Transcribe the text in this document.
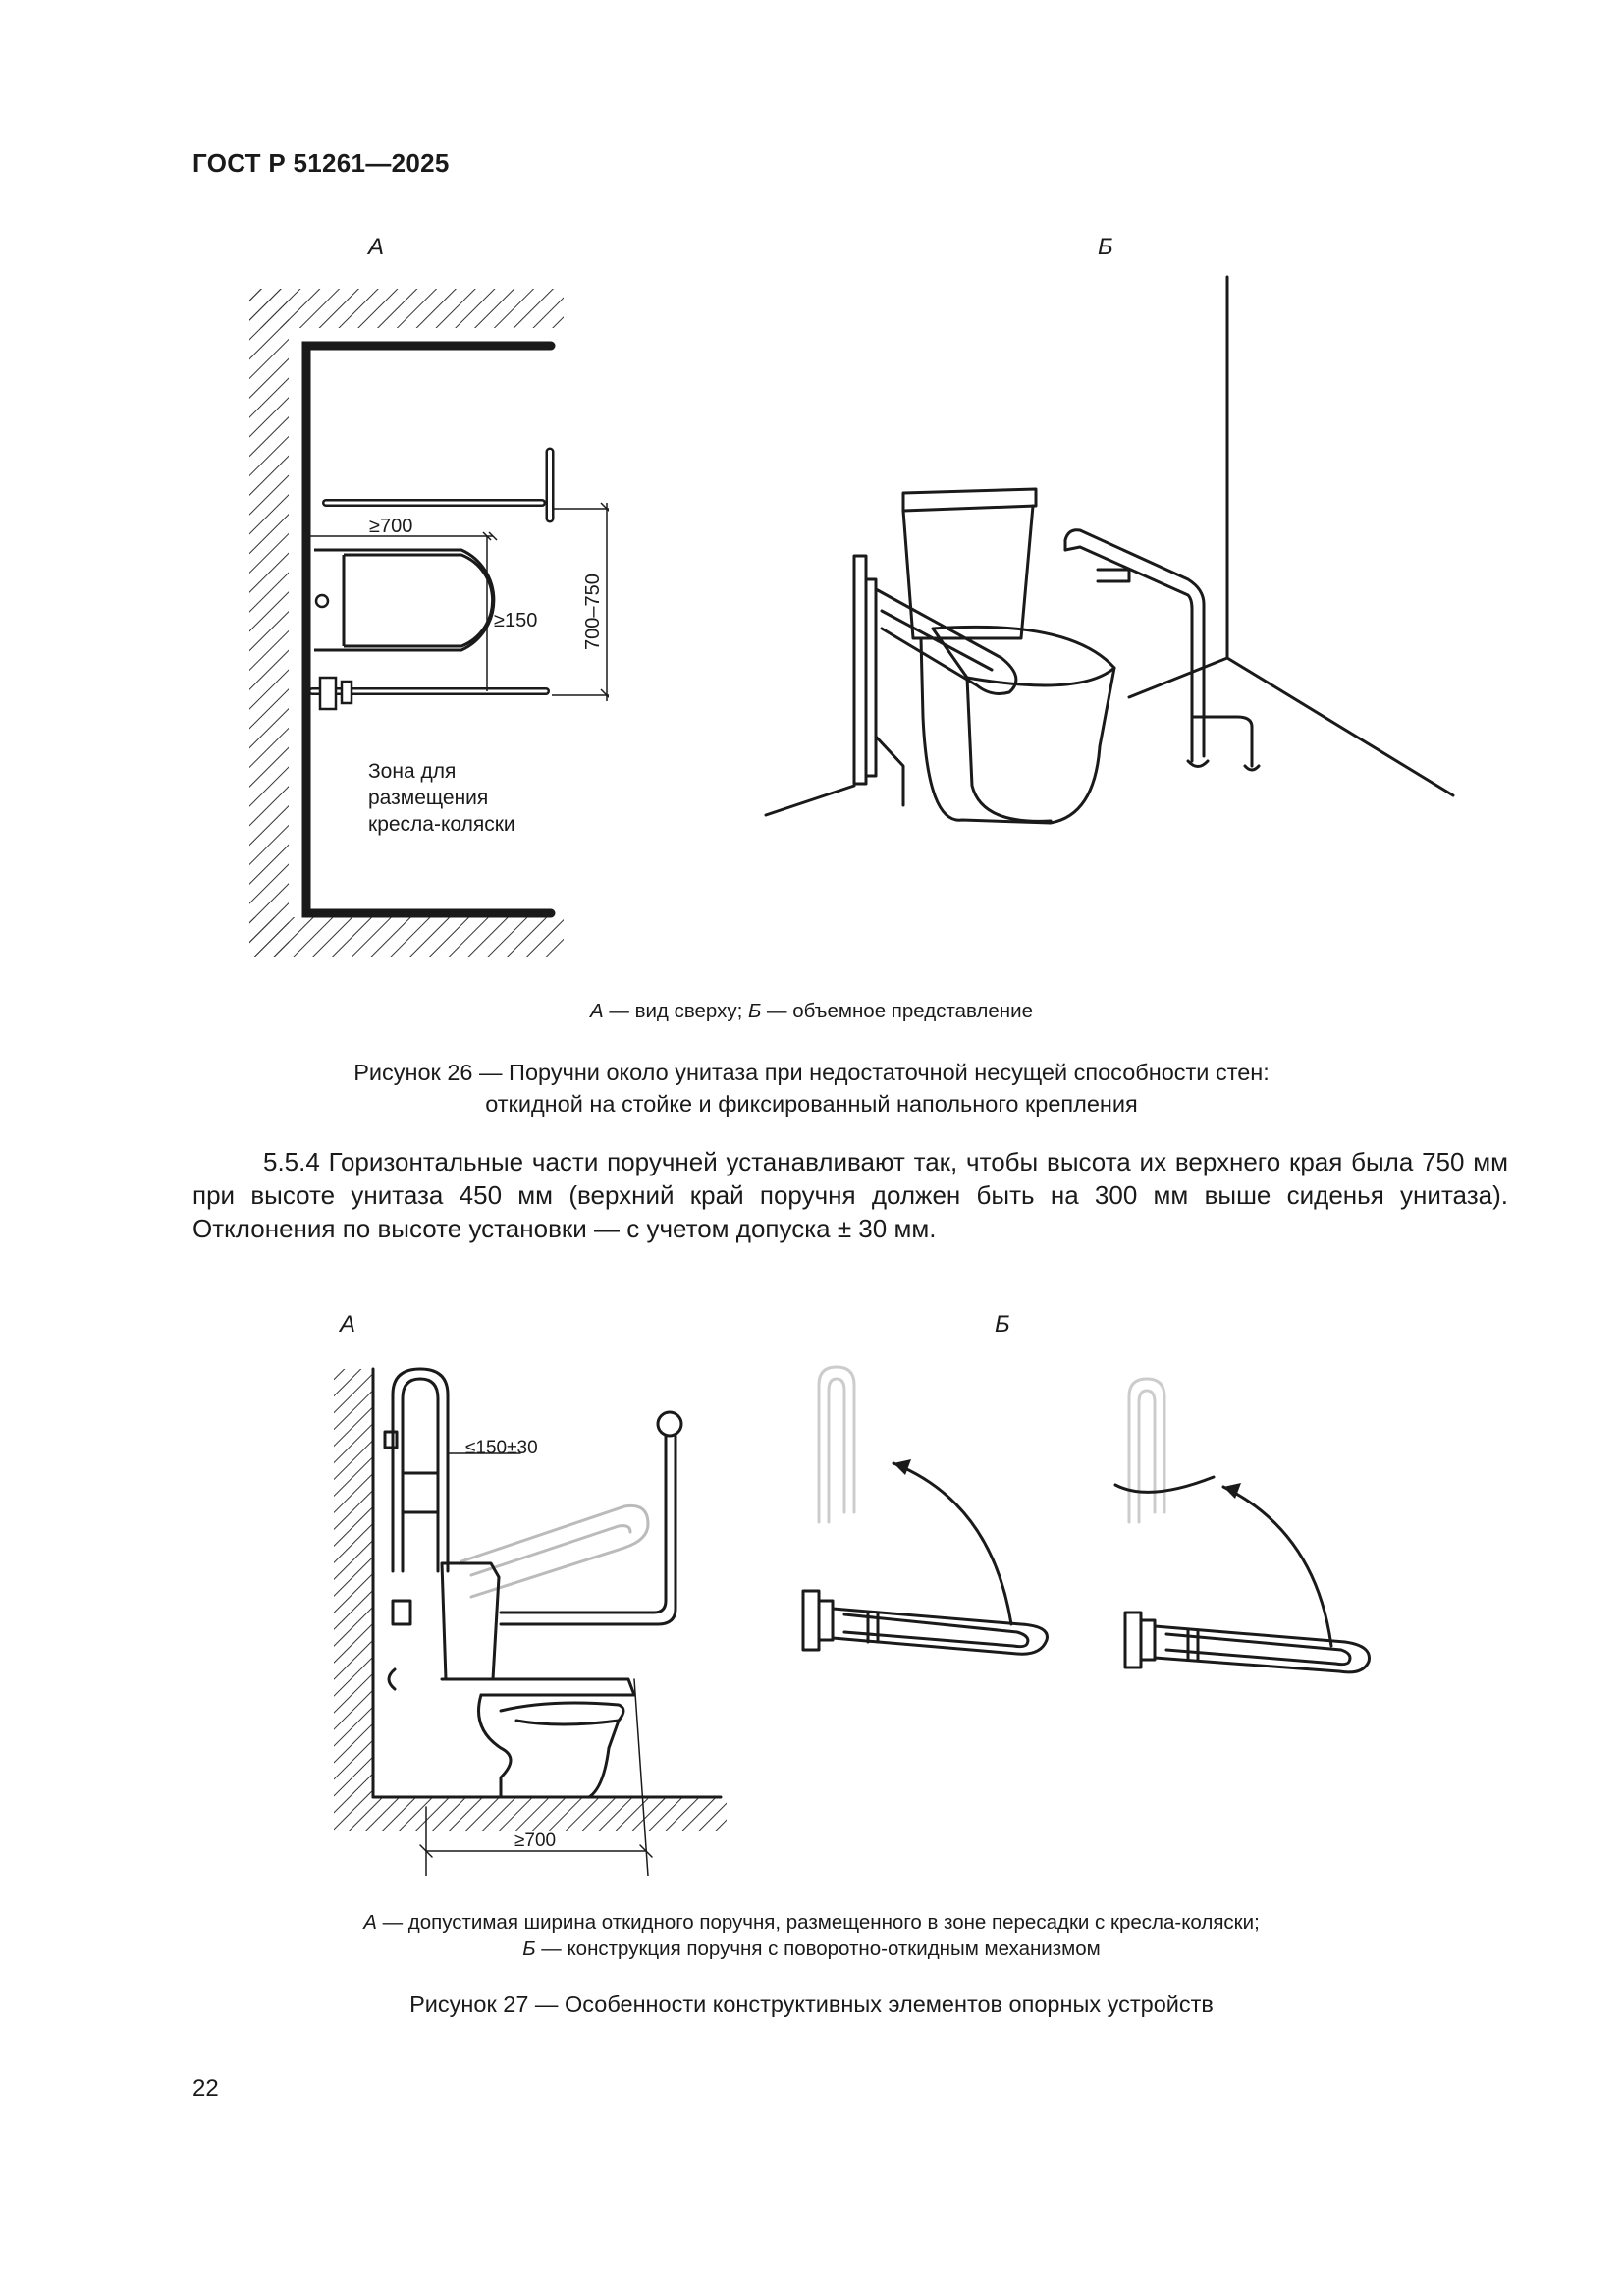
ГОСТ Р 51261—2025
А	Б
≥700
≥150 700–750
Зона для
размещения
кресла-коляски
А — вид сверху; Б — объемное представление
Рисунок 26 — Поручни около унитаза при недостаточной несущей способности стен:
откидной на стойке и фиксированный напольного крепления
5.5.4 Горизонтальные части поручней устанавливают так, чтобы высота их верхнего края была 750 мм при высоте унитаза 450 мм (верхний край поручня должен быть на 300 мм выше сиденья унитаза). Отклонения по высоте установки — с учетом допуска ± 30 мм.
А	Б
≤150±30
≥700
А — допустимая ширина откидного поручня, размещенного в зоне пересадки с кресла-коляски;
Б — конструкция поручня с поворотно-откидным механизмом
Рисунок 27 — Особенности конструктивных элементов опорных устройств
22
